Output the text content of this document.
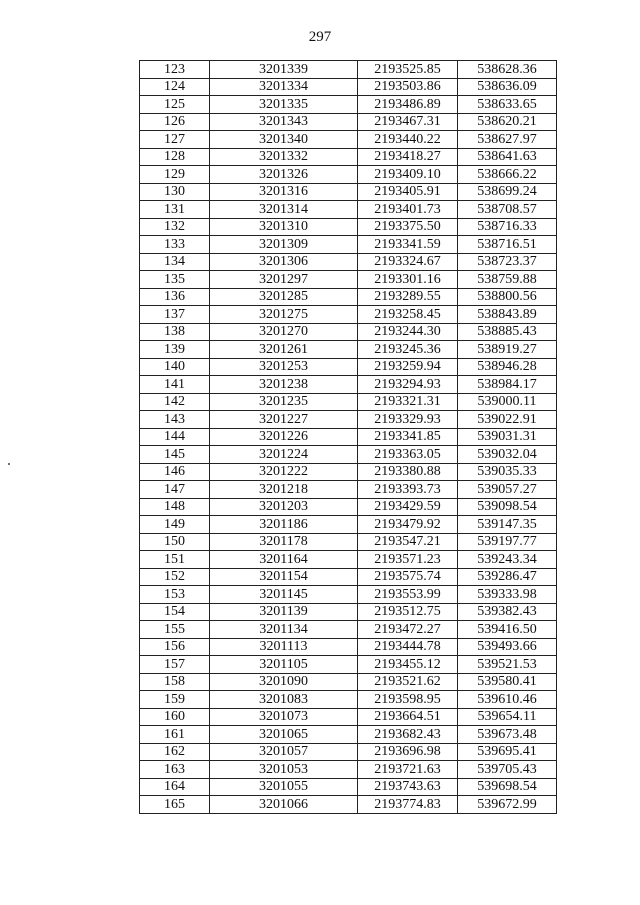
297
123	3201339	2193525.85	538628.36
124	3201334	2193503.86	538636.09
125	3201335	2193486.89	538633.65
126	3201343	2193467.31	538620.21
127	3201340	2193440.22	538627.97
128	3201332	2193418.27	538641.63
129	3201326	2193409.10	538666.22
130	3201316	2193405.91	538699.24
131	3201314	2193401.73	538708.57
132	3201310	2193375.50	538716.33
133	3201309	2193341.59	538716.51
134	3201306	2193324.67	538723.37
135	3201297	2193301.16	538759.88
136	3201285	2193289.55	538800.56
137	3201275	2193258.45	538843.89
138	3201270	2193244.30	538885.43
139	3201261	2193245.36	538919.27
140	3201253	2193259.94	538946.28
141	3201238	2193294.93	538984.17
142	3201235	2193321.31	539000.11
143	3201227	2193329.93	539022.91
144	3201226	2193341.85	539031.31
145	3201224	2193363.05	539032.04
146	3201222	2193380.88	539035.33
147	3201218	2193393.73	539057.27
148	3201203	2193429.59	539098.54
149	3201186	2193479.92	539147.35
150	3201178	2193547.21	539197.77
151	3201164	2193571.23	539243.34
152	3201154	2193575.74	539286.47
153	3201145	2193553.99	539333.98
154	3201139	2193512.75	539382.43
155	3201134	2193472.27	539416.50
156	3201113	2193444.78	539493.66
157	3201105	2193455.12	539521.53
158	3201090	2193521.62	539580.41
159	3201083	2193598.95	539610.46
160	3201073	2193664.51	539654.11
161	3201065	2193682.43	539673.48
162	3201057	2193696.98	539695.41
163	3201053	2193721.63	539705.43
164	3201055	2193743.63	539698.54
165	3201066	2193774.83	539672.99
